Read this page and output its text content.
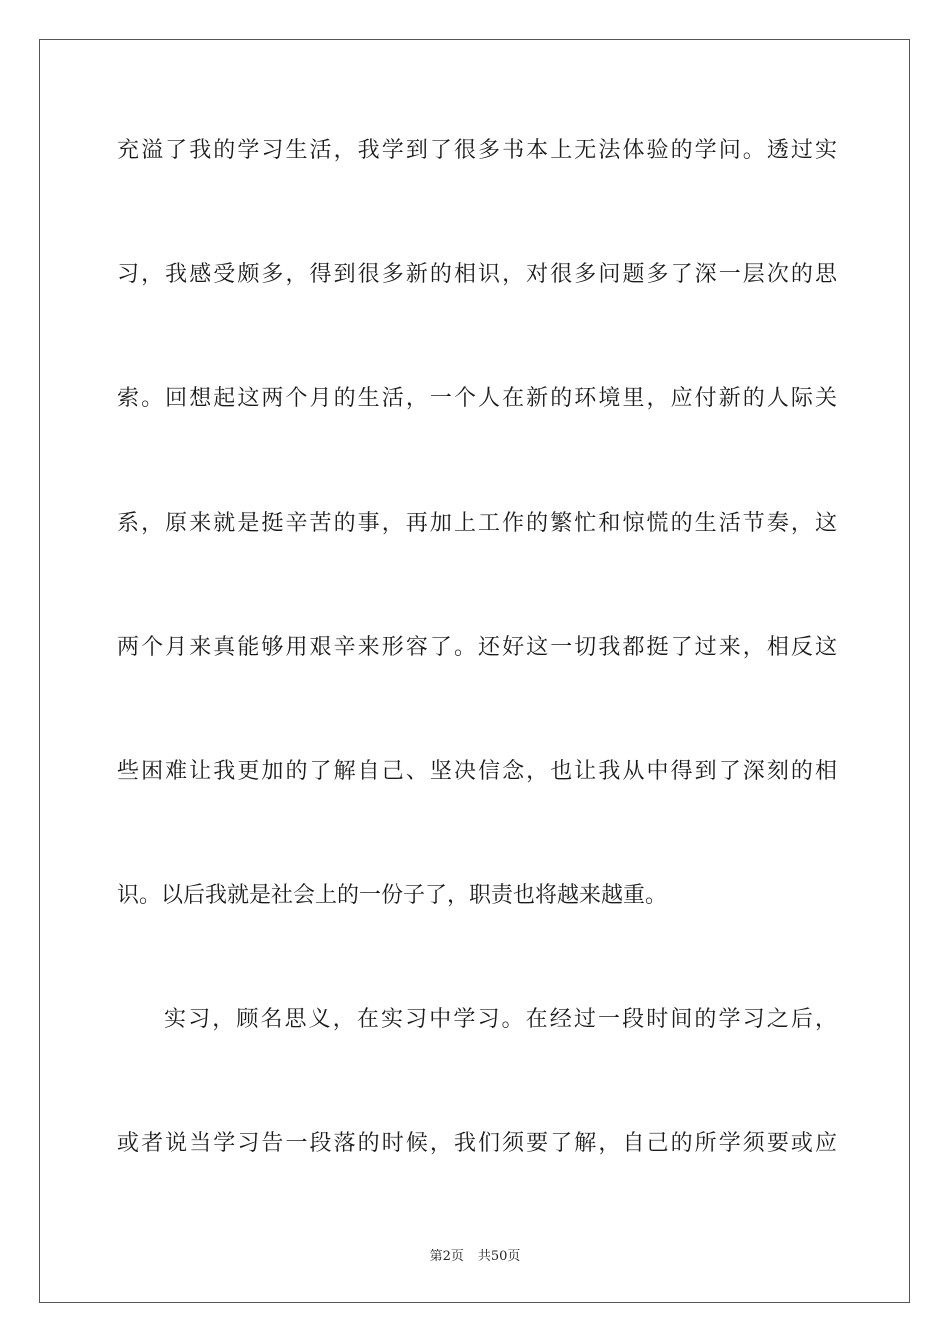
充溢了我的学习生活，我学到了很多书本上无法体验的学问。透过实
习，我感受颇多，得到很多新的相识，对很多问题多了深一层次的思
索。回想起这两个月的生活，一个人在新的环境里，应付新的人际关
系，原来就是挺辛苦的事，再加上工作的繁忙和惊慌的生活节奏，这
两个月来真能够用艰辛来形容了。还好这一切我都挺了过来，相反这
些困难让我更加的了解自己、坚决信念，也让我从中得到了深刻的相
识。以后我就是社会上的一份子了，职责也将越来越重。
实习，顾名思义，在实习中学习。在经过一段时间的学习之后，
或者说当学习告一段落的时候，我们须要了解，自己的所学须要或应
第2页 共50页
